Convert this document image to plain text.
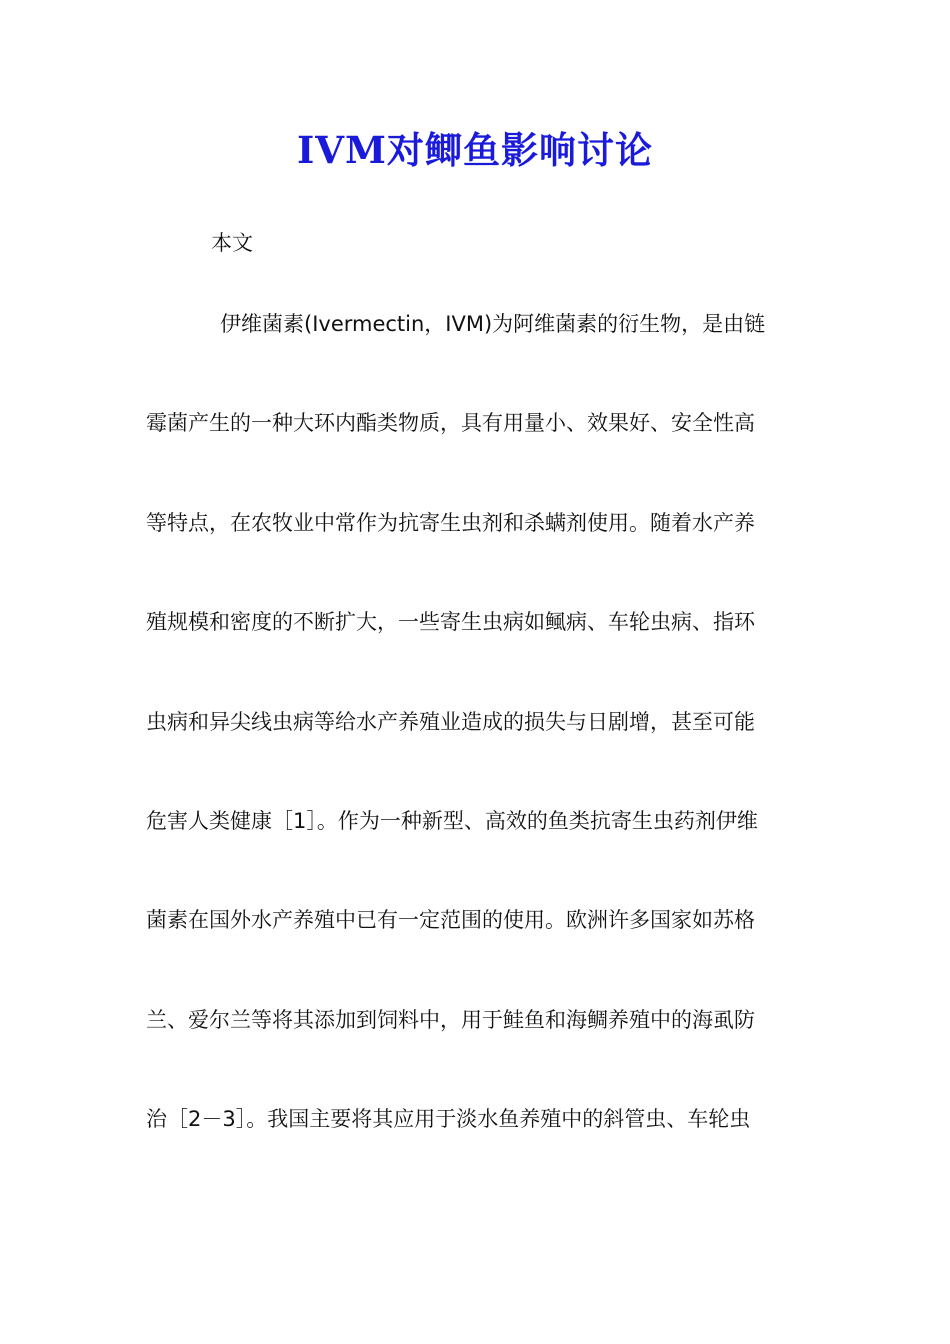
IVM对鲫鱼影响讨论
本文
伊维菌素(Ivermectin，IVM)为阿维菌素的衍生物，是由链
霉菌产生的一种大环内酯类物质，具有用量小、效果好、安全性高
等特点，在农牧业中常作为抗寄生虫剂和杀螨剂使用。随着水产养
殖规模和密度的不断扩大，一些寄生虫病如鲺病、车轮虫病、指环
虫病和异尖线虫病等给水产养殖业造成的损失与日剧增，甚至可能
危害人类健康［1］。作为一种新型、高效的鱼类抗寄生虫药剂伊维
菌素在国外水产养殖中已有一定范围的使用。欧洲许多国家如苏格
兰、爱尔兰等将其添加到饲料中，用于鲑鱼和海鲷养殖中的海虱防
治［2－3］。我国主要将其应用于淡水鱼养殖中的斜管虫、车轮虫
